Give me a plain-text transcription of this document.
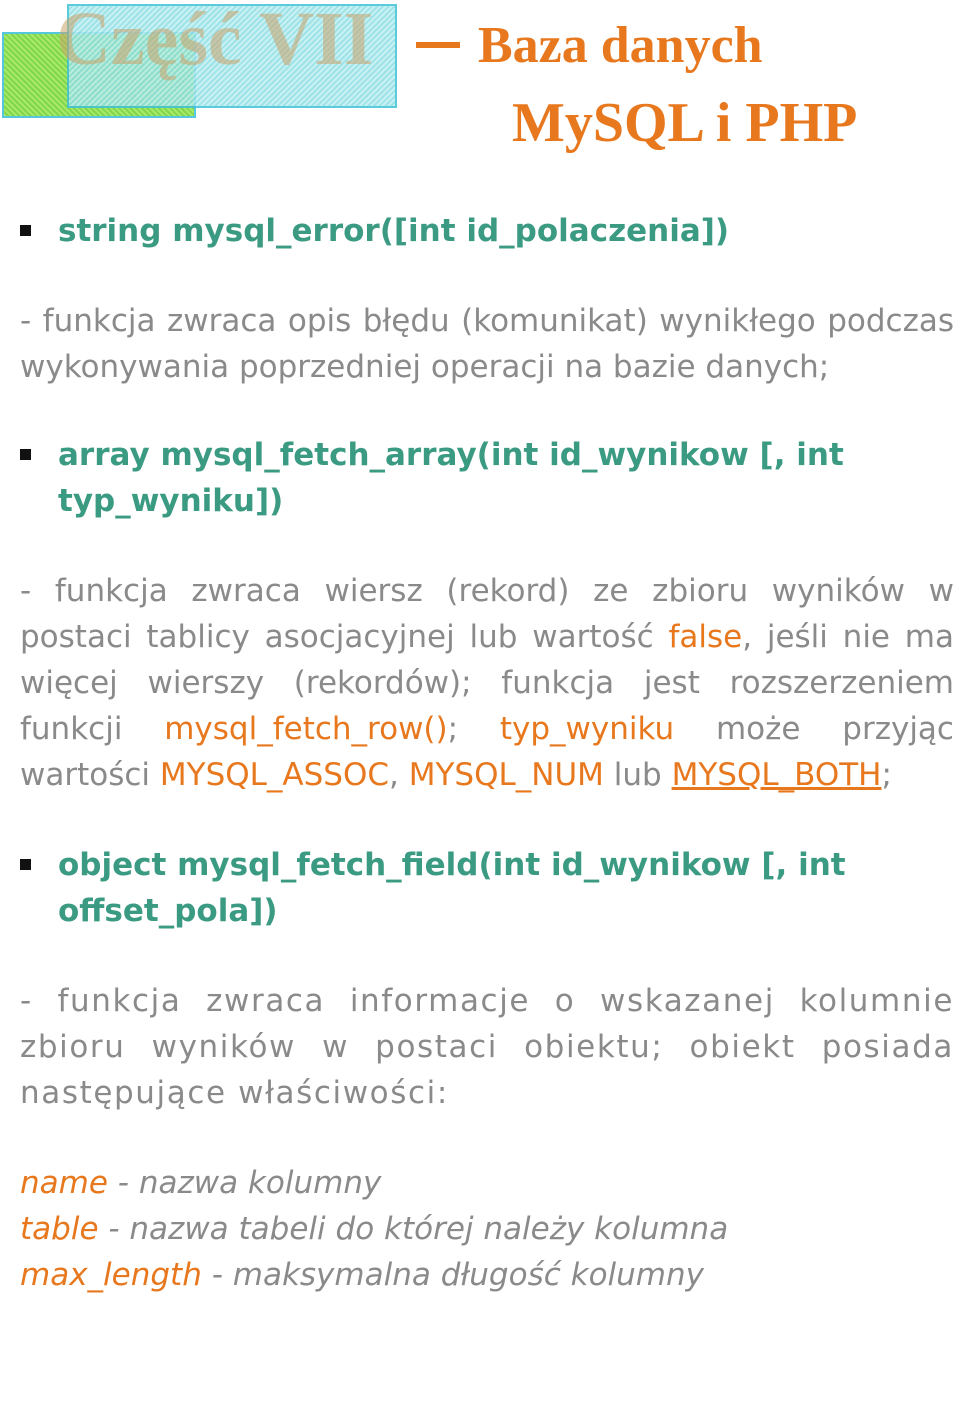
Część VII Baza danych
MySQL i PHP
string mysql_error([int id_polaczenia])
- funkcja zwraca opis błędu (komunikat) wynikłego podczas wykonywania poprzedniej operacji na bazie danych;
array mysql_fetch_array(int id_wynikow [, int typ_wyniku])
- funkcja zwraca wiersz (rekord) ze zbioru wyników w postaci tablicy asocjacyjnej lub wartość false, jeśli nie ma więcej wierszy (rekordów); funkcja jest rozszerzeniem funkcji mysql_fetch_row(); typ_wyniku może przyjąc wartości MYSQL_ASSOC, MYSQL_NUM lub MYSQL_BOTH;
object mysql_fetch_field(int id_wynikow [, int offset_pola])
- funkcja zwraca informacje o wskazanej kolumnie zbioru wyników w postaci obiektu; obiekt posiada następujące właściwości:
name - nazwa kolumny
table - nazwa tabeli do której należy kolumna
max_length - maksymalna długość kolumny
